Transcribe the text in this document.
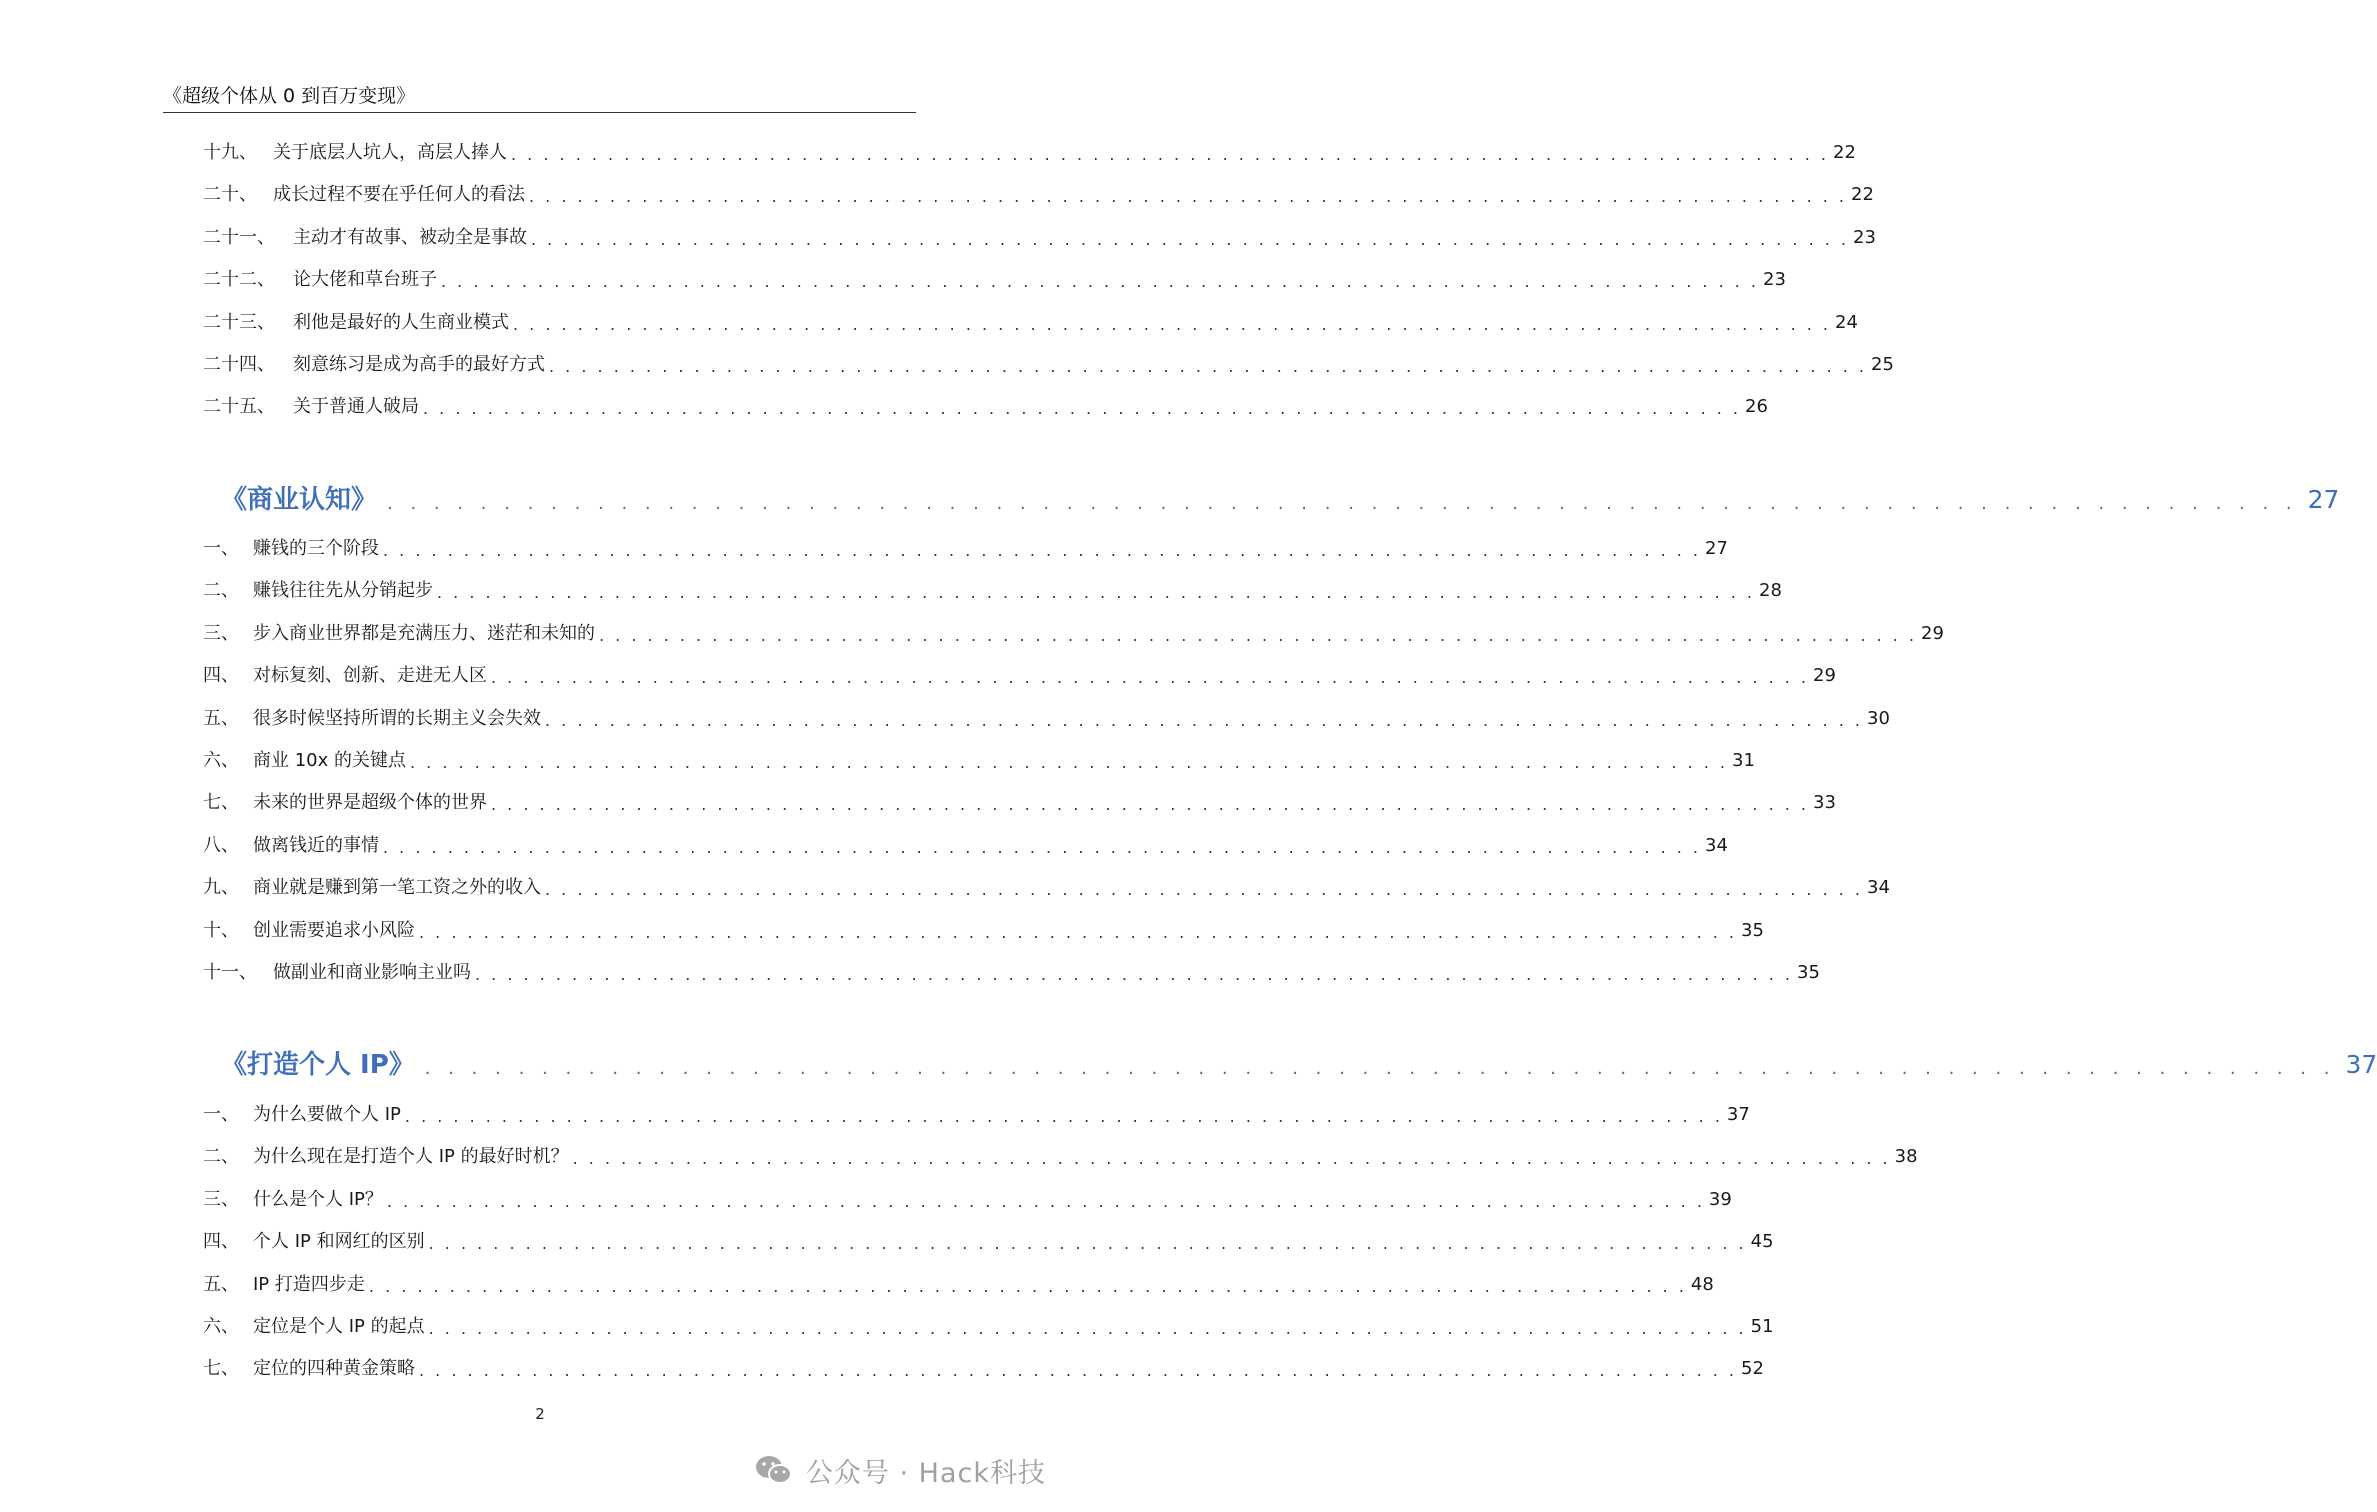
《超级个体从 0 到百万变现》
十九、 关于底层人坑人，高层人捧人 . . . . . . . . . . . . . . . . . . . . . . . . . . . . . . . . . . . . . . . . . . . . . . . . . . . . . . . . . . . . . . . . . . . . . . . . . . . . . . . . . . 22
二十、 成长过程不要在乎任何人的看法 . . . . . . . . . . . . . . . . . . . . . . . . . . . . . . . . . . . . . . . . . . . . . . . . . . . . . . . . . . . . . . . . . . . . . . . . . . . . . . . . . . 22
二十一、	主动才有故事、被动全是事故 . . . . . . . . . . . . . . . . . . . . . . . . . . . . . . . . . . . . . . . . . . . . . . . . . . . . . . . . . . . . . . . . . . . . . . . . . . . . . . . . . . 23
二十二、	论大佬和草台班子 . . . . . . . . . . . . . . . . . . . . . . . . . . . . . . . . . . . . . . . . . . . . . . . . . . . . . . . . . . . . . . . . . . . . . . . . . . . . . . . . . . 23
二十三、	利他是最好的人生商业模式 . . . . . . . . . . . . . . . . . . . . . . . . . . . . . . . . . . . . . . . . . . . . . . . . . . . . . . . . . . . . . . . . . . . . . . . . . . . . . . . . . . 24
二十四、	刻意练习是成为高手的最好方式 . . . . . . . . . . . . . . . . . . . . . . . . . . . . . . . . . . . . . . . . . . . . . . . . . . . . . . . . . . . . . . . . . . . . . . . . . . . . . . . . . . 25
二十五、	关于普通人破局 . . . . . . . . . . . . . . . . . . . . . . . . . . . . . . . . . . . . . . . . . . . . . . . . . . . . . . . . . . . . . . . . . . . . . . . . . . . . . . . . . . 26
《商业认知》 . . . . . . . . . . . . . . . . . . . . . . . . . . . . . . . . . . . . . . . . . . . . . . . . . . . . . . . . . . . . . . . . . . . . . . . . . . . . . . . . . . 27
一、 赚钱的三个阶段 . . . . . . . . . . . . . . . . . . . . . . . . . . . . . . . . . . . . . . . . . . . . . . . . . . . . . . . . . . . . . . . . . . . . . . . . . . . . . . . . . . 27
二、 赚钱往往先从分销起步 . . . . . . . . . . . . . . . . . . . . . . . . . . . . . . . . . . . . . . . . . . . . . . . . . . . . . . . . . . . . . . . . . . . . . . . . . . . . . . . . . . 28
三、 步入商业世界都是充满压力、迷茫和未知的 . . . . . . . . . . . . . . . . . . . . . . . . . . . . . . . . . . . . . . . . . . . . . . . . . . . . . . . . . . . . . . . . . . . . . . . . . . . . . . . . . . 29
四、 对标复刻、创新、走进无人区 . . . . . . . . . . . . . . . . . . . . . . . . . . . . . . . . . . . . . . . . . . . . . . . . . . . . . . . . . . . . . . . . . . . . . . . . . . . . . . . . . . 29
五、 很多时候坚持所谓的长期主义会失效 . . . . . . . . . . . . . . . . . . . . . . . . . . . . . . . . . . . . . . . . . . . . . . . . . . . . . . . . . . . . . . . . . . . . . . . . . . . . . . . . . . 30
六、 商业 10x 的关键点 . . . . . . . . . . . . . . . . . . . . . . . . . . . . . . . . . . . . . . . . . . . . . . . . . . . . . . . . . . . . . . . . . . . . . . . . . . . . . . . . . . 31
七、 未来的世界是超级个体的世界 . . . . . . . . . . . . . . . . . . . . . . . . . . . . . . . . . . . . . . . . . . . . . . . . . . . . . . . . . . . . . . . . . . . . . . . . . . . . . . . . . . 33
八、 做离钱近的事情 . . . . . . . . . . . . . . . . . . . . . . . . . . . . . . . . . . . . . . . . . . . . . . . . . . . . . . . . . . . . . . . . . . . . . . . . . . . . . . . . . . 34
九、 商业就是赚到第一笔工资之外的收入 . . . . . . . . . . . . . . . . . . . . . . . . . . . . . . . . . . . . . . . . . . . . . . . . . . . . . . . . . . . . . . . . . . . . . . . . . . . . . . . . . . 34
十、 创业需要追求小风险 . . . . . . . . . . . . . . . . . . . . . . . . . . . . . . . . . . . . . . . . . . . . . . . . . . . . . . . . . . . . . . . . . . . . . . . . . . . . . . . . . . 35
十一、 做副业和商业影响主业吗 . . . . . . . . . . . . . . . . . . . . . . . . . . . . . . . . . . . . . . . . . . . . . . . . . . . . . . . . . . . . . . . . . . . . . . . . . . . . . . . . . . 35
《打造个人 IP》 . . . . . . . . . . . . . . . . . . . . . . . . . . . . . . . . . . . . . . . . . . . . . . . . . . . . . . . . . . . . . . . . . . . . . . . . . . . . . . . . . . 37
一、 为什么要做个人 IP . . . . . . . . . . . . . . . . . . . . . . . . . . . . . . . . . . . . . . . . . . . . . . . . . . . . . . . . . . . . . . . . . . . . . . . . . . . . . . . . . . 37
二、 为什么现在是打造个人 IP 的最好时机？ . . . . . . . . . . . . . . . . . . . . . . . . . . . . . . . . . . . . . . . . . . . . . . . . . . . . . . . . . . . . . . . . . . . . . . . . . . . . . . . . . . 38
三、 什么是个人 IP？ . . . . . . . . . . . . . . . . . . . . . . . . . . . . . . . . . . . . . . . . . . . . . . . . . . . . . . . . . . . . . . . . . . . . . . . . . . . . . . . . . . 39
四、 个人 IP 和网红的区别 . . . . . . . . . . . . . . . . . . . . . . . . . . . . . . . . . . . . . . . . . . . . . . . . . . . . . . . . . . . . . . . . . . . . . . . . . . . . . . . . . . 45
五、 IP 打造四步走 . . . . . . . . . . . . . . . . . . . . . . . . . . . . . . . . . . . . . . . . . . . . . . . . . . . . . . . . . . . . . . . . . . . . . . . . . . . . . . . . . . 48
六、 定位是个人 IP 的起点 . . . . . . . . . . . . . . . . . . . . . . . . . . . . . . . . . . . . . . . . . . . . . . . . . . . . . . . . . . . . . . . . . . . . . . . . . . . . . . . . . . 51
七、 定位的四种黄金策略 . . . . . . . . . . . . . . . . . . . . . . . . . . . . . . . . . . . . . . . . . . . . . . . . . . . . . . . . . . . . . . . . . . . . . . . . . . . . . . . . . . 52
2
公众号 · Hack科技
